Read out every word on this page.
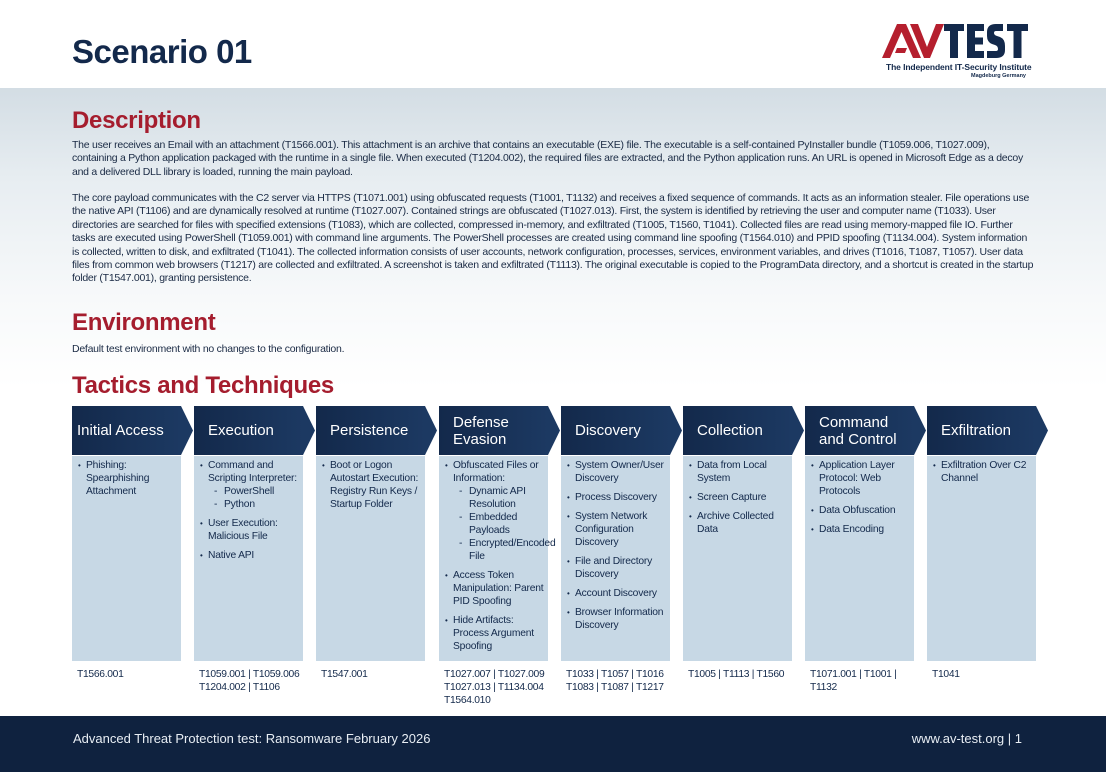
Scenario 01	The Independent IT-Security Institute
Magdeburg Germany
Description

The user receives an Email with an attachment (T1566.001). This attachment is an archive that contains an executable (EXE) file. The executable is a self-contained PyInstaller bundle (T1059.006, T1027.009), containing a Python application packaged with the runtime in a single file. When executed (T1204.002), the required files are extracted, and the Python application runs. An URL is opened in Microsoft Edge as a decoy and a delivered DLL library is loaded, running the main payload.

The core payload communicates with the C2 server via HTTPS (T1071.001) using obfuscated requests (T1001, T1132) and receives a fixed sequence of commands. It acts as an information stealer. File operations use the native API (T1106) and are dynamically resolved at runtime (T1027.007). Contained strings are obfuscated (T1027.013). First, the system is identified by retrieving the user and computer name (T1033). User directories are searched for files with specified extensions (T1083), which are collected, compressed in-memory, and exfiltrated (T1005, T1560, T1041). Collected files are read using memory-mapped file IO. Further tasks are executed using PowerShell (T1059.001) with command line arguments. The PowerShell processes are created using command line spoofing (T1564.010) and PPID spoofing (T1134.004). System information is collected, written to disk, and exfiltrated (T1041). The collected information consists of user accounts, network configuration, processes, services, environment variables, and drives (T1016, T1087, T1057). User data files from common web browsers (T1217) are collected and exfiltrated. A screenshot is taken and exfiltrated (T1113). The original executable is copied to the ProgramData directory, and a shortcut is created in the startup folder (T1547.001), granting persistence.

Environment

Default test environment with no changes to the configuration.

Tactics and Techniques
Initial Access
• Phishing: Spearphishing Attachment
T1566.001
Execution
• Command and Scripting Interpreter:
- PowerShell
- Python
• User Execution: Malicious File
• Native API
T1059.001 | T1059.006 T1204.002 | T1106
Persistence
• Boot or Logon Autostart Execution: Registry Run Keys / Startup Folder
T1547.001
Defense Evasion
• Obfuscated Files or Information:
- Dynamic API Resolution
- Embedded Payloads
- Encrypted/Encoded File
• Access Token Manipulation: Parent PID Spoofing
• Hide Artifacts: Process Argument Spoofing
T1027.007 | T1027.009 T1027.013 | T1134.004 T1564.010
Discovery
• System Owner/User Discovery
• Process Discovery
• System Network Configuration Discovery
• File and Directory Discovery
• Account Discovery
• Browser Information Discovery
T1033 | T1057 | T1016 T1083 | T1087 | T1217
Collection
• Data from Local System
• Screen Capture
• Archive Collected Data
T1005 | T1113 | T1560
Command and Control
• Application Layer Protocol: Web Protocols
• Data Obfuscation
• Data Encoding
T1071.001 | T1001 | T1132
Exfiltration
• Exfiltration Over C2 Channel
T1041
Advanced Threat Protection test: Ransomware February 2026	www.av-test.org | 1
